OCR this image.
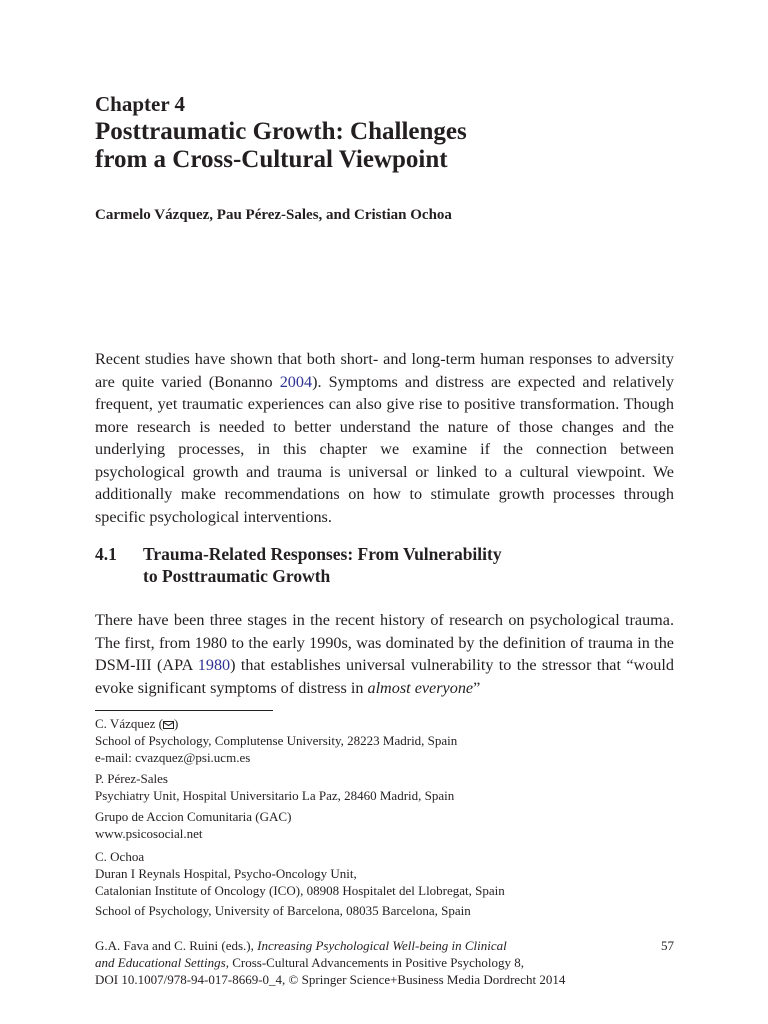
Chapter 4
Posttraumatic Growth: Challenges
from a Cross-Cultural Viewpoint
Carmelo Vázquez, Pau Pérez-Sales, and Cristian Ochoa
Recent studies have shown that both short- and long-term human responses to adversity are quite varied (Bonanno 2004). Symptoms and distress are expected and relatively frequent, yet traumatic experiences can also give rise to positive transformation. Though more research is needed to better understand the nature of those changes and the underlying processes, in this chapter we examine if the connection between psychological growth and trauma is universal or linked to a cultural viewpoint. We additionally make recommendations on how to stimulate growth processes through specific psychological interventions.
4.1 Trauma-Related Responses: From Vulnerability
to Posttraumatic Growth
There have been three stages in the recent history of research on psychological trauma. The first, from 1980 to the early 1990s, was dominated by the definition of trauma in the DSM-III (APA 1980) that establishes universal vulnerability to the stressor that “would evoke significant symptoms of distress in almost everyone”
C. Vázquez ( )
School of Psychology, Complutense University, 28223 Madrid, Spain
e-mail: cvazquez@psi.ucm.es
P. Pérez-Sales
Psychiatry Unit, Hospital Universitario La Paz, 28460 Madrid, Spain
Grupo de Accion Comunitaria (GAC)
www.psicosocial.net
C. Ochoa
Duran I Reynals Hospital, Psycho-Oncology Unit,
Catalonian Institute of Oncology (ICO), 08908 Hospitalet del Llobregat, Spain
School of Psychology, University of Barcelona, 08035 Barcelona, Spain
G.A. Fava and C. Ruini (eds.), Increasing Psychological Well-being in Clinical
and Educational Settings, Cross-Cultural Advancements in Positive Psychology 8,
DOI 10.1007/978-94-017-8669-0_4, © Springer Science+Business Media Dordrecht 2014
57
